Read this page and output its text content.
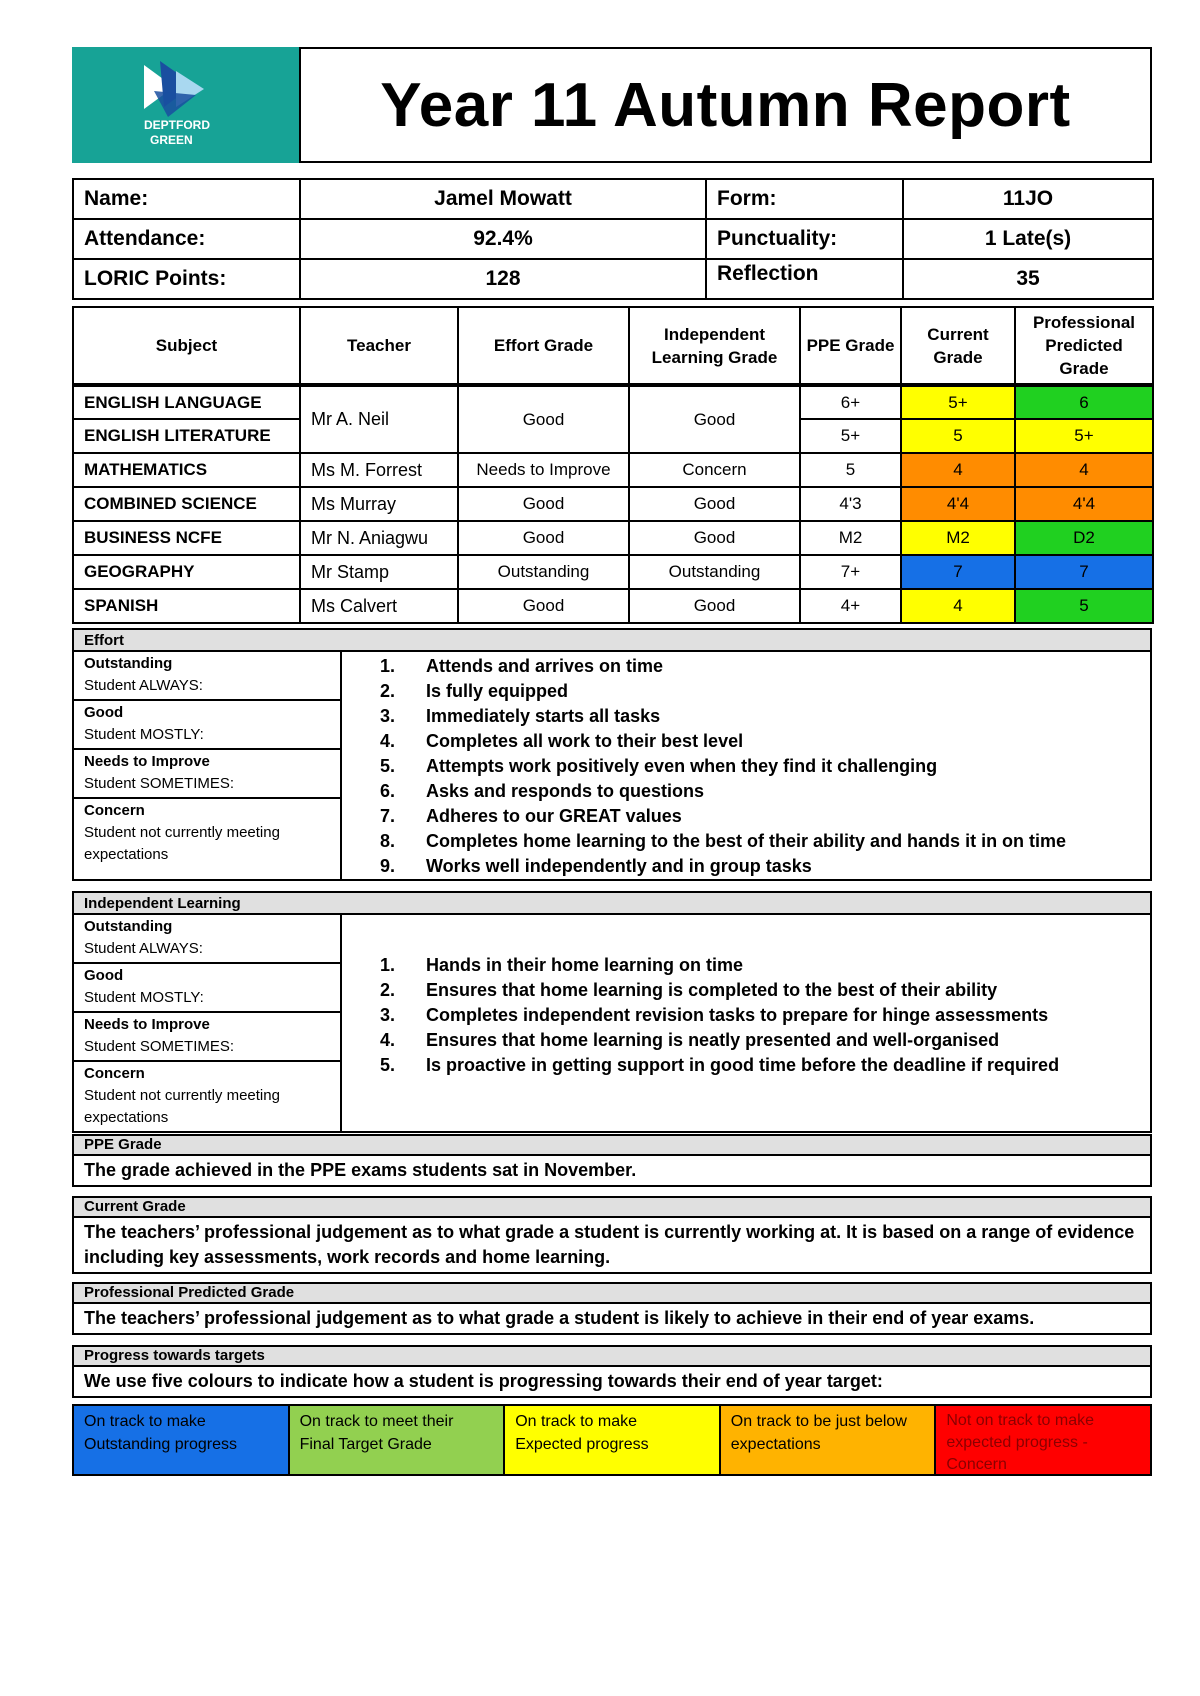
DEPTFORD
GREEN
Year 11 Autumn Report
Name:	Jamel Mowatt	Form:	11JO
Attendance:	92.4%	Punctuality:	1 Late(s)
LORIC Points:	128	Reflection	35
Subject	Teacher	Effort Grade	Independent Learning Grade	PPE Grade	Current Grade	Professional Predicted Grade
ENGLISH LANGUAGE	Mr A. Neil	Good	Good	6+	5+	6
ENGLISH LITERATURE				5+	5	5+
MATHEMATICS	Ms M. Forrest	Needs to Improve	Concern	5	4	4
COMBINED SCIENCE	Ms Murray	Good	Good	4'3	4'4	4'4
BUSINESS NCFE	Mr N. Aniagwu	Good	Good	M2	M2	D2
GEOGRAPHY	Mr Stamp	Outstanding	Outstanding	7+	7	7
SPANISH	Ms Calvert	Good	Good	4+	4	5
Effort
Outstanding
Student ALWAYS:
Good
Student MOSTLY:
Needs to Improve
Student SOMETIMES:
Concern
Student not currently meeting
expectations
1. Attends and arrives on time
2. Is fully equipped
3. Immediately starts all tasks
4. Completes all work to their best level
5. Attempts work positively even when they find it challenging
6. Asks and responds to questions
7. Adheres to our GREAT values
8. Completes home learning to the best of their ability and hands it in on time
9. Works well independently and in group tasks
Independent Learning
Outstanding
Student ALWAYS:
Good
Student MOSTLY:
Needs to Improve
Student SOMETIMES:
Concern
Student not currently meeting
expectations
1. Hands in their home learning on time
2. Ensures that home learning is completed to the best of their ability
3. Completes independent revision tasks to prepare for hinge assessments
4. Ensures that home learning is neatly presented and well-organised
5. Is proactive in getting support in good time before the deadline if required
PPE Grade
The grade achieved in the PPE exams students sat in November.
Current Grade
The teachers’ professional judgement as to what grade a student is currently working at. It is based on a range of evidence
including key assessments, work records and home learning.
Professional Predicted Grade
The teachers’ professional judgement as to what grade a student is likely to achieve in their end of year exams.
Progress towards targets
We use five colours to indicate how a student is progressing towards their end of year target:
On track to make
Outstanding progress
On track to meet their
Final Target Grade
On track to make
Expected progress
On track to be just below
expectations
Not on track to make
expected progress -
Concern
